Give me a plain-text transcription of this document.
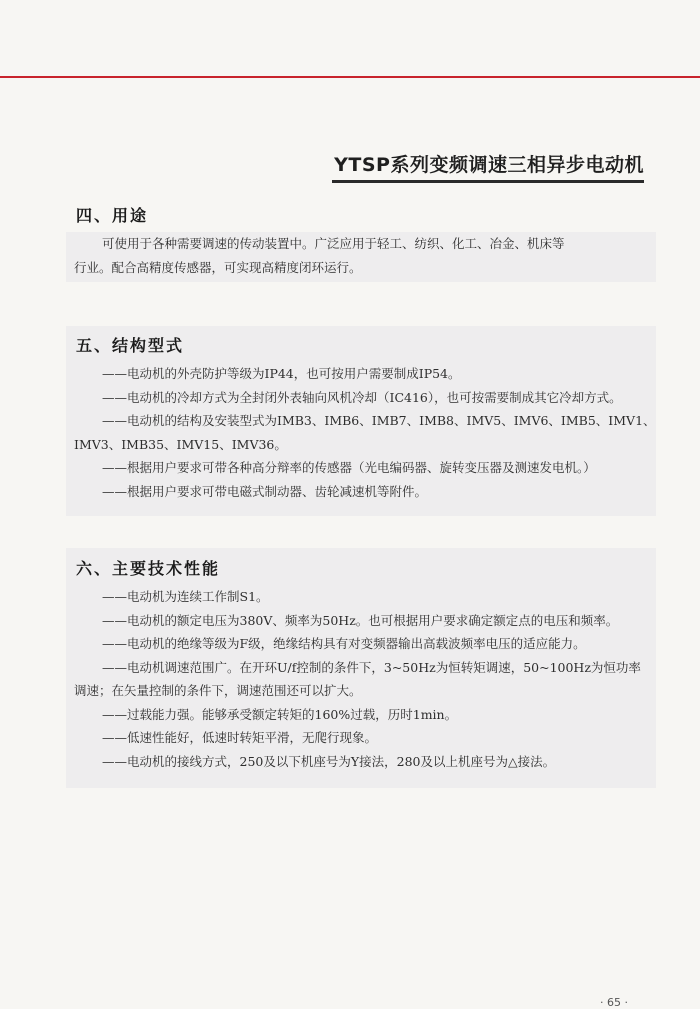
YTSP系列变频调速三相异步电动机
四、用途
可使用于各种需要调速的传动装置中。广泛应用于轻工、纺织、化工、冶金、机床等
行业。配合高精度传感器，可实现高精度闭环运行。
五、结构型式
——电动机的外壳防护等级为IP44，也可按用户需要制成IP54。
——电动机的冷却方式为全封闭外表轴向风机冷却（IC416），也可按需要制成其它冷却方式。
——电动机的结构及安装型式为IMB3、IMB6、IMB7、IMB8、IMV5、IMV6、IMB5、IMV1、
IMV3、IMB35、IMV15、IMV36。
——根据用户要求可带各种高分辩率的传感器（光电编码器、旋转变压器及测速发电机。）
——根据用户要求可带电磁式制动器、齿轮减速机等附件。
六、主要技术性能
——电动机为连续工作制S1。
——电动机的额定电压为380V、频率为50Hz。也可根据用户要求确定额定点的电压和频率。
——电动机的绝缘等级为F级，绝缘结构具有对变频器输出高载波频率电压的适应能力。
——电动机调速范围广。在开环U/f控制的条件下，3~50Hz为恒转矩调速，50~100Hz为恒功率
调速；在矢量控制的条件下，调速范围还可以扩大。
——过载能力强。能够承受额定转矩的160%过载，历时1min。
——低速性能好，低速时转矩平滑，无爬行现象。
——电动机的接线方式，250及以下机座号为Y接法，280及以上机座号为△接法。
· 65 ·
